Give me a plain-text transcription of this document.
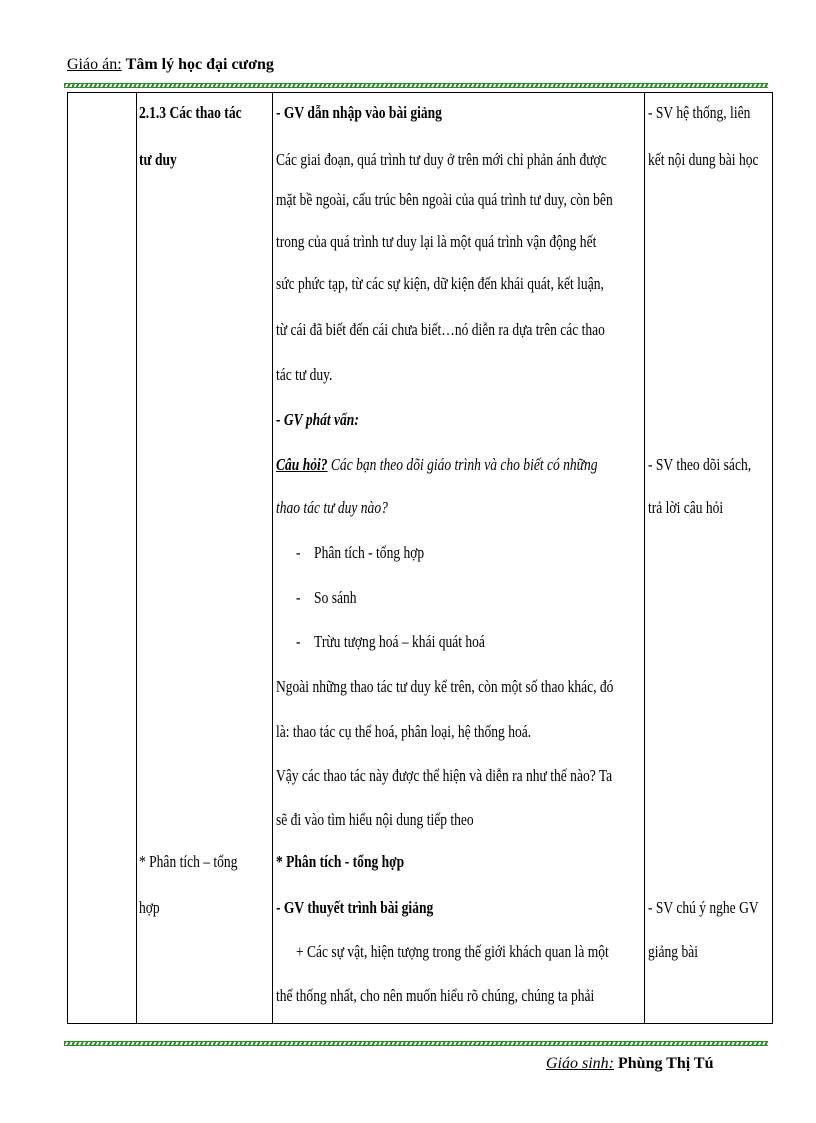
Giáo án: Tâm lý học đại cương
2.1.3 Các thao tác
tư duy
* Phân tích – tổng
hợp
- GV dẫn nhập vào bài giảng
Các giai đoạn, quá trình tư duy ở trên mới chỉ phản ánh được
mặt bề ngoài, cấu trúc bên ngoài của quá trình tư duy, còn bên
trong của quá trình tư duy lại là một quá trình vận động hết
sức phức tạp, từ các sự kiện, dữ kiện đến khái quát, kết luận,
từ cái đã biết đến cái chưa biết…nó diễn ra dựa trên các thao
tác tư duy.
- GV phát vấn:
Câu hỏi? Các bạn theo dõi giáo trình và cho biết có những
thao tác tư duy nào?
- Phân tích - tổng hợp
- So sánh
- Trừu tượng hoá – khái quát hoá
Ngoài những thao tác tư duy kể trên, còn một số thao khác, đó
là: thao tác cụ thể hoá, phân loại, hệ thống hoá.
Vậy các thao tác này được thể hiện và diễn ra như thế nào? Ta
sẽ đi vào tìm hiểu nội dung tiếp theo
* Phân tích - tổng hợp
- GV thuyết trình bài giảng
+ Các sự vật, hiện tượng trong thế giới khách quan là một
thể thống nhất, cho nên muốn hiểu rõ chúng, chúng ta phải
- SV hệ thống, liên
kết nội dung bài học
- SV theo dõi sách,
trả lời câu hỏi
- SV chú ý nghe GV
giảng bài
Giáo sinh: Phùng Thị Tú
